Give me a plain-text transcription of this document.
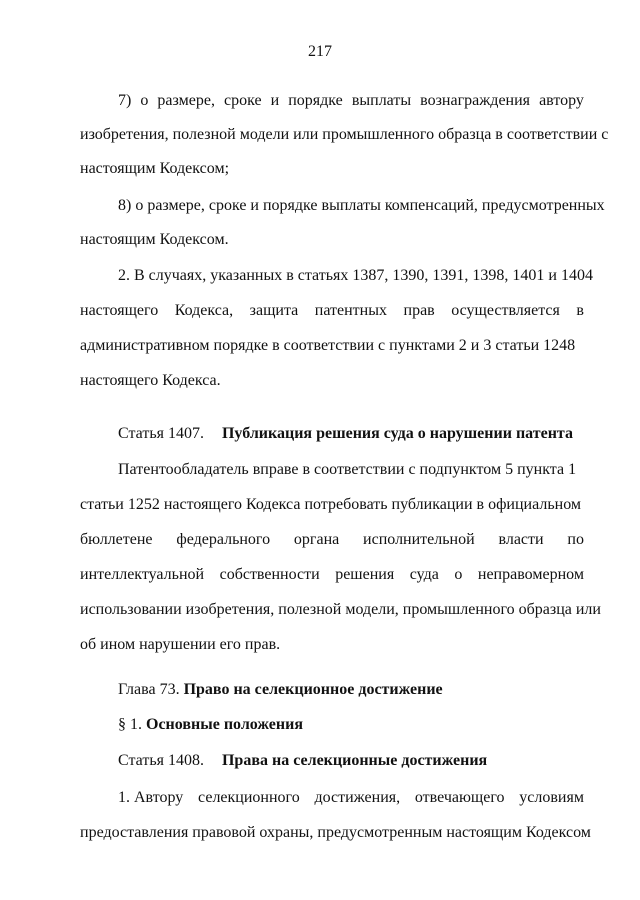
217
7) о размере, сроке и порядке выплаты вознаграждения автору
изобретения, полезной модели или промышленного образца в соответствии с
настоящим Кодексом;
8) о размере, сроке и порядке выплаты компенсаций, предусмотренных
настоящим Кодексом.
2. В случаях, указанных в статьях 1387, 1390, 1391, 1398, 1401 и 1404
настоящего Кодекса, защита патентных прав осуществляется в
административном порядке в соответствии с пунктами 2 и 3 статьи 1248
настоящего Кодекса.
Статья 1407. Публикация решения суда о нарушении патента
Патентообладатель вправе в соответствии с подпунктом 5 пункта 1
статьи 1252 настоящего Кодекса потребовать публикации в официальном
бюллетене федерального органа исполнительной власти по
интеллектуальной собственности решения суда о неправомерном
использовании изобретения, полезной модели, промышленного образца или
об ином нарушении его прав.
Глава 73. Право на селекционное достижение
§ 1. Основные положения
Статья 1408. Права на селекционные достижения
1. Автору селекционного достижения, отвечающего условиям
предоставления правовой охраны, предусмотренным настоящим Кодексом
